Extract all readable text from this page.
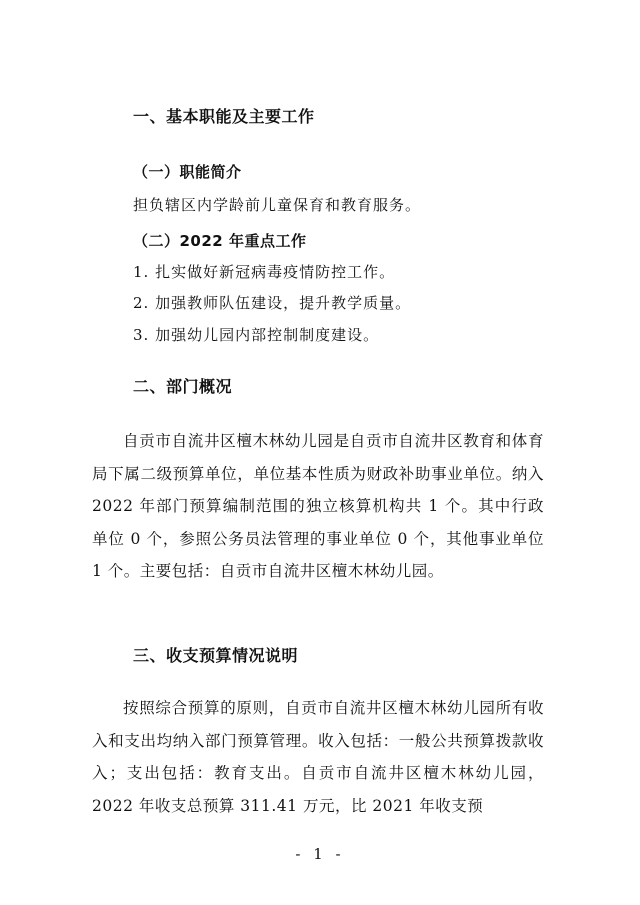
一、基本职能及主要工作
（一）职能简介

担负辖区内学龄前儿童保育和教育服务。

（二）2022 年重点工作

1. 扎实做好新冠病毒疫情防控工作。

2. 加强教师队伍建设，提升教学质量。

3. 加强幼儿园内部控制制度建设。

二、部门概况

自贡市自流井区檀木林幼儿园是自贡市自流井区教育和体育局下属二级预算单位，单位基本性质为财政补助事业单位。纳入 2022 年部门预算编制范围的独立核算机构共 1 个。其中行政单位 0 个，参照公务员法管理的事业单位 0 个，其他事业单位 1 个。主要包括：自贡市自流井区檀木林幼儿园。

三、收支预算情况说明

按照综合预算的原则，自贡市自流井区檀木林幼儿园所有收入和支出均纳入部门预算管理。收入包括：一般公共预算拨款收入；支出包括：教育支出。自贡市自流井区檀木林幼儿园，2022 年收支总预算 311.41 万元，比 2021 年收支预

- 1 -
